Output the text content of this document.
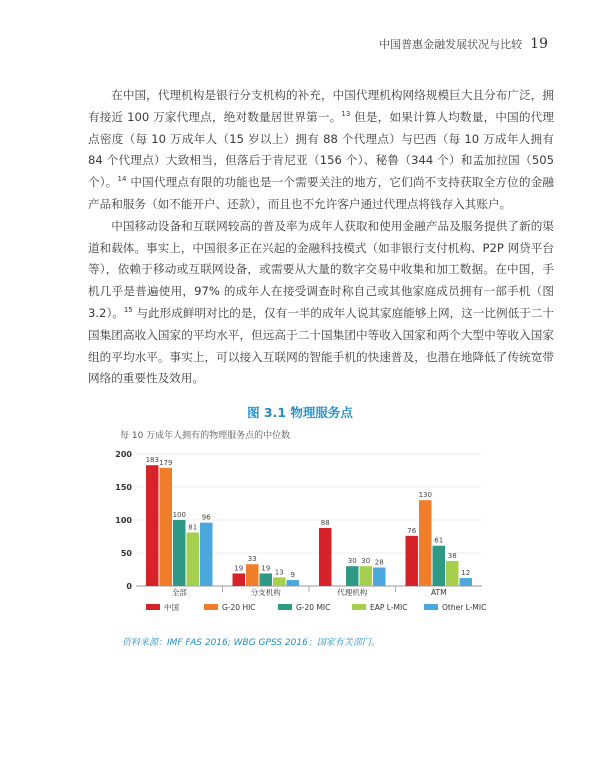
中国普惠金融发展状况与比较 19

在中国，代理机构是银行分支机构的补充，中国代理机构网络规模巨大且分布广泛，拥有接近 100 万家代理点，绝对数量居世界第一。$^{13}$ 但是，如果计算人均数量，中国的代理点密度（每 10 万成年人（15 岁以上）拥有 88 个代理点）与巴西（每 10 万成年人拥有 84 个代理点）大致相当，但落后于肯尼亚（156 个）、秘鲁（344 个）和孟加拉国（505 个）。$^{14}$ 中国代理点有限的功能也是一个需要关注的地方，它们尚不支持获取全方位的金融产品和服务（如不能开户、还款），而且也不允许客户通过代理点将钱存入其账户。

中国移动设备和互联网较高的普及率为成年人获取和使用金融产品及服务提供了新的渠道和载体。事实上，中国很多正在兴起的金融科技模式（如非银行支付机构、P2P 网贷平台等），依赖于移动或互联网设备，或需要从大量的数字交易中收集和加工数据。在中国，手机几乎是普遍使用，97% 的成年人在接受调查时称自己或其他家庭成员拥有一部手机（图 3.2）。$^{15}$ 与此形成鲜明对比的是，仅有一半的成年人说其家庭能够上网，这一比例低于二十国集团高收入国家的平均水平，但远高于二十国集团中等收入国家和两个大型中等收入国家组的平均水平。事实上，可以接入互联网的智能手机的快速普及，也潜在地降低了传统宽带网络的重要性及效用。

图 3.1 物理服务点
每 10 万成年人拥有的物理服务点的中位数
0
50
100
150
200
183 179
100
81
96
全部
19
33
19 13 9
分支机构
88
30 30 28
代理机构
76
130
61
38
12
ATM
中国	G-20 HIC	G-20 MIC	EAP L-MIC	Other L-MIC
资料来源：IMF FAS 2016; WBG GPSS 2016；国家有关部门。
